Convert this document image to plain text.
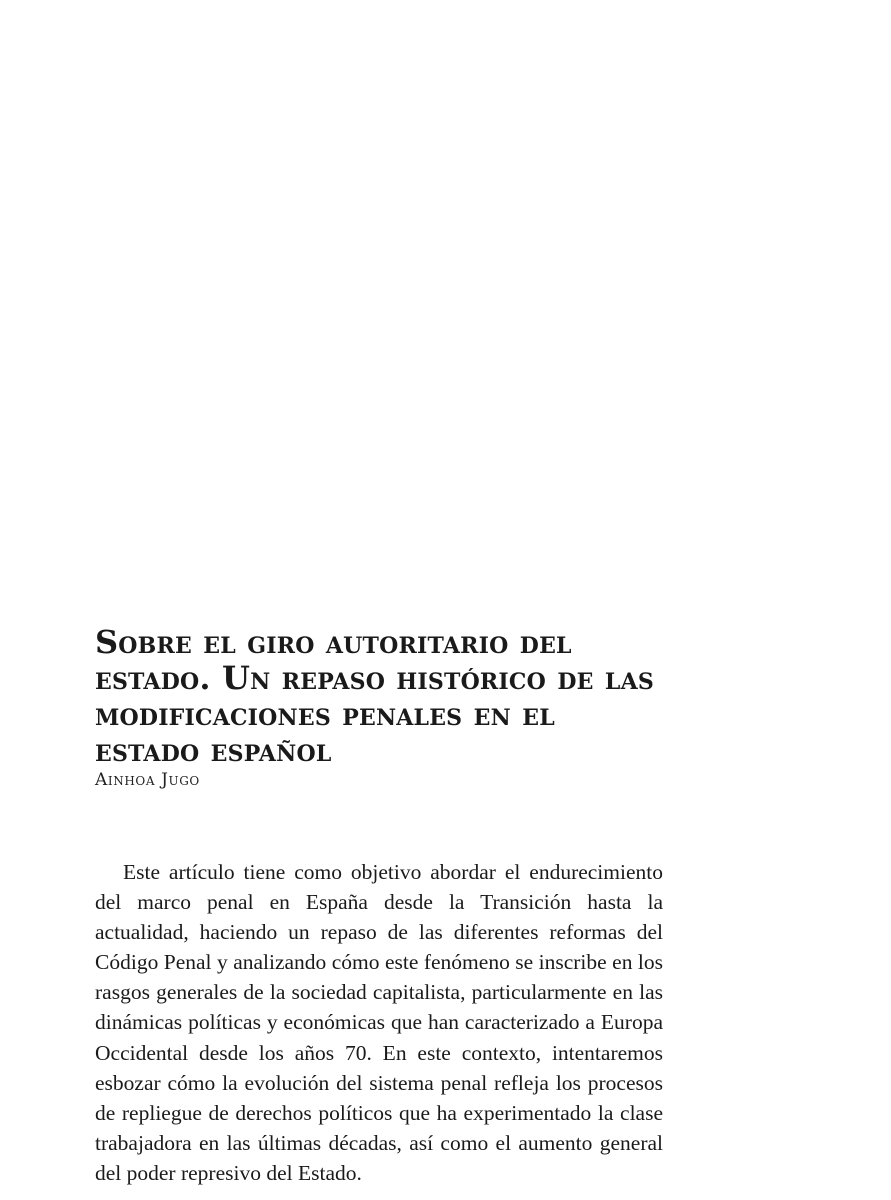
Sobre el giro autoritario del estado. Un repaso histórico de las modificaciones penales en el estado español

Ainhoa Jugo

Este artículo tiene como objetivo abordar el endurecimiento del marco penal en España desde la Transición hasta la actualidad, haciendo un repaso de las diferentes reformas del Código Penal y analizando cómo este fenómeno se inscribe en los rasgos generales de la sociedad capitalista, particularmente en las dinámicas políticas y económicas que han caracterizado a Europa Occidental desde los años 70. En este contexto, intentaremos esbozar cómo la evolución del sistema penal refleja los procesos de repliegue de derechos políticos que ha experimentado la clase trabajadora en las últimas décadas, así como el aumento general del poder represivo del Estado.
